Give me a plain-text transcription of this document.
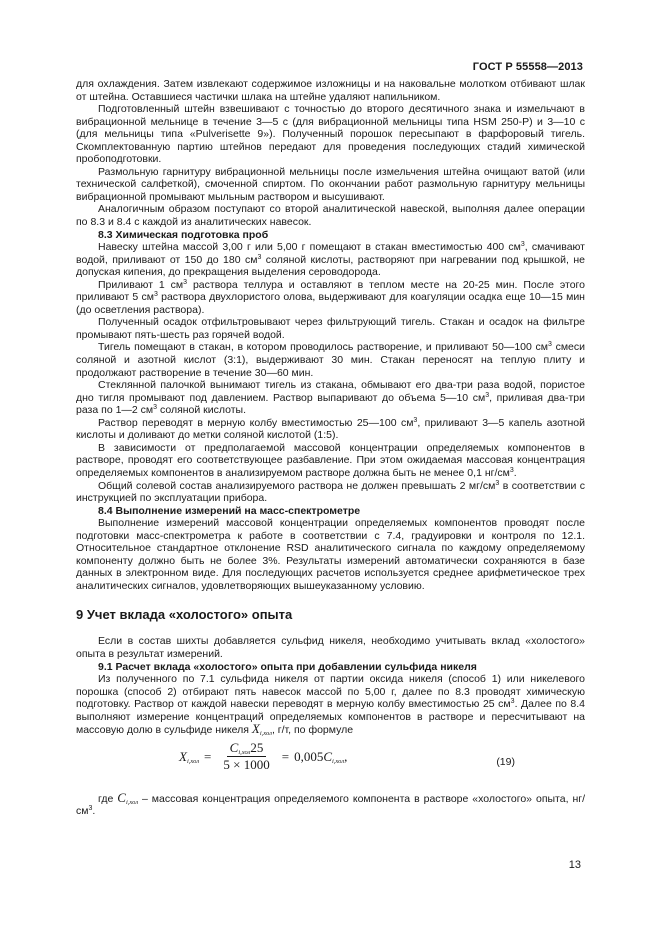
ГОСТ Р 55558—2013

для охлаждения. Затем извлекают содержимое изложницы и на наковальне молотком отбивают шлак от штейна. Оставшиеся частички шлака на штейне удаляют напильником.

Подготовленный штейн взвешивают с точностью до второго десятичного знака и измельчают в вибрационной мельнице в течение 3—5 с (для вибрационной мельницы типа HSM 250-P) и 3—10 с (для мельницы типа «Pulverisette 9»). Полученный порошок пересыпают в фарфоровый тигель. Скомплектованную партию штейнов передают для проведения последующих стадий химической пробоподготовки.

Размольную гарнитуру вибрационной мельницы после измельчения штейна очищают ватой (или технической салфеткой), смоченной спиртом. По окончании работ размольную гарнитуру мельницы вибрационной промывают мыльным раствором и высушивают.

Аналогичным образом поступают со второй аналитической навеской, выполняя далее операции по 8.3 и 8.4 с каждой из аналитических навесок.

8.3 Химическая подготовка проб

Навеску штейна массой 3,00 г или 5,00 г помещают в стакан вместимостью 400 $см^3$, смачивают водой, приливают от 150 до 180 $см^3$ соляной кислоты, растворяют при нагревании под крышкой, не допуская кипения, до прекращения выделения сероводорода.

Приливают 1 $см^3$ раствора теллура и оставляют в теплом месте на 20-25 мин. После этого приливают 5 $см^3$ раствора двухлористого олова, выдерживают для коагуляции осадка еще 10—15 мин (до осветления раствора).

Полученный осадок отфильтровывают через фильтрующий тигель. Стакан и осадок на фильтре промывают пять-шесть раз горячей водой.

Тигель помещают в стакан, в котором проводилось растворение, и приливают 50—100 $см^3$ смеси соляной и азотной кислот (3:1), выдерживают 30 мин. Стакан переносят на теплую плиту и продолжают растворение в течение 30—60 мин.

Стеклянной палочкой вынимают тигель из стакана, обмывают его два-три раза водой, пористое дно тигля промывают под давлением. Раствор выпаривают до объема 5—10 $см^3$, приливая два-три раза по 1—2 $см^3$ соляной кислоты.

Раствор переводят в мерную колбу вместимостью 25—100 $см^3$, приливают 3—5 капель азотной кислоты и доливают до метки соляной кислотой (1:5).

В зависимости от предполагаемой массовой концентрации определяемых компонентов в растворе, проводят его соответствующее разбавление. При этом ожидаемая массовая концентрация определяемых компонентов в анализируемом растворе должна быть не менее 0,1 $нг/см^3$.

Общий солевой состав анализируемого раствора не должен превышать 2 $мг/см^3$ в соответствии с инструкцией по эксплуатации прибора.

8.4 Выполнение измерений на масс-спектрометре

Выполнение измерений массовой концентрации определяемых компонентов проводят после подготовки масс-спектрометра к работе в соответствии с 7.4, градуировки и контроля по 12.1. Относительное стандартное отклонение RSD аналитического сигнала по каждому определяемому компоненту должно быть не более 3%. Результаты измерений автоматически сохраняются в базе данных в электронном виде. Для последующих расчетов используется среднее арифметическое трех аналитических сигналов, удовлетворяющих вышеуказанному условию.

9 Учет вклада «холостого» опыта

Если в состав шихты добавляется сульфид никеля, необходимо учитывать вклад «холостого» опыта в результат измерений.

9.1 Расчет вклада «холостого» опыта при добавлении сульфида никеля

Из полученного по 7.1 сульфида никеля от партии оксида никеля (способ 1) или никелевого порошка (способ 2) отбирают пять навесок массой по 5,00 г, далее по 8.3 проводят химическую подготовку. Раствор от каждой навески переводят в мерную колбу вместимостью 25 $см^3$. Далее по 8.4 выполняют измерение концентраций определяемых компонентов в растворе и пересчитывают на массовую долю в сульфиде никеля $X_{i,хол}$, г/т, по формуле

$X_{i,хол} = \frac{C_{i,хол}25}{5 \times 1000} = 0,005$ $C_{i,хол}$ ,	(19)

где $C_{i,хол}$ – массовая концентрация определяемого компонента в растворе «холостого» опыта, $нг/см^3$.

13
